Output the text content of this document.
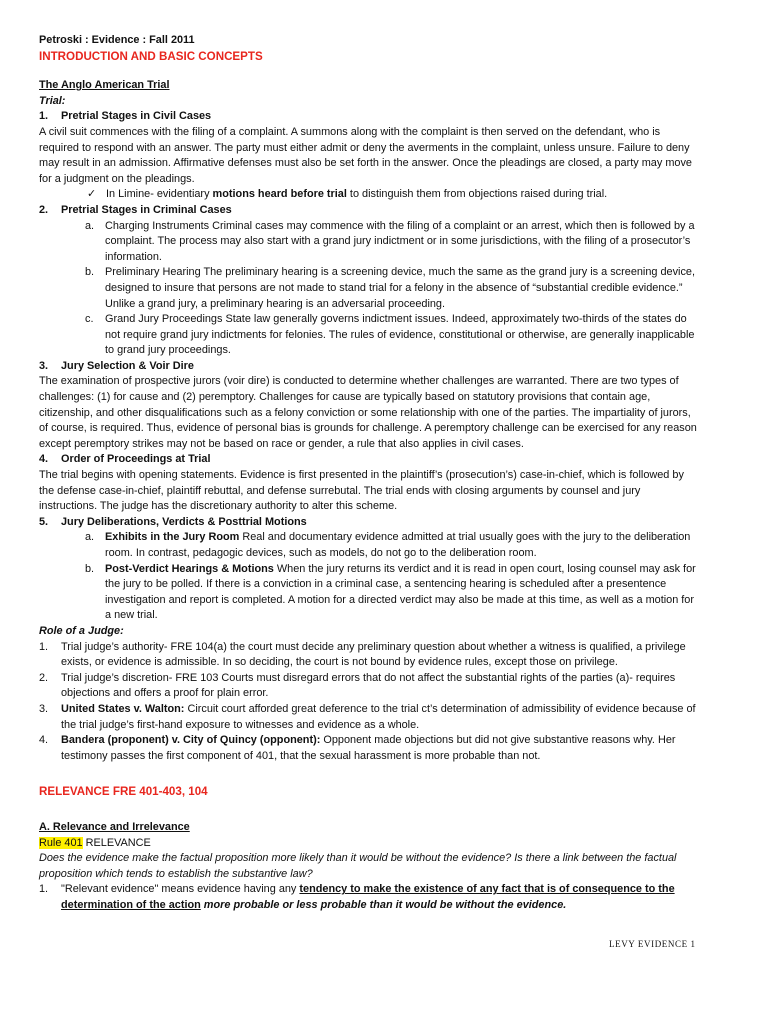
Petroski : Evidence : Fall 2011
INTRODUCTION AND BASIC CONCEPTS
The Anglo American Trial
Trial:
1. Pretrial Stages in Civil Cases

A civil suit commences with the filing of a complaint. A summons along with the complaint is then served on the defendant, who is required to respond with an answer. The party must either admit or deny the averments in the complaint, unless unsure. Failure to deny may result in an admission. Affirmative defenses must also be set forth in the answer. Once the pleadings are closed, a party may move for a judgment on the pleadings.

✓ In Limine- evidentiary motions heard before trial to distinguish them from objections raised during trial.
2. Pretrial Stages in Criminal Cases
a. Charging Instruments Criminal cases may commence with the filing of a complaint or an arrest, which then is followed by a complaint. The process may also start with a grand jury indictment or in some jurisdictions, with the filing of a prosecutor’s information.
b. Preliminary Hearing The preliminary hearing is a screening device, much the same as the grand jury is a screening device, designed to insure that persons are not made to stand trial for a felony in the absence of “substantial credible evidence.” Unlike a grand jury, a preliminary hearing is an adversarial proceeding.
c. Grand Jury Proceedings State law generally governs indictment issues. Indeed, approximately two-thirds of the states do not require grand jury indictments for felonies. The rules of evidence, constitutional or otherwise, are generally inapplicable to grand jury proceedings.
3. Jury Selection & Voir Dire

The examination of prospective jurors (voir dire) is conducted to determine whether challenges are warranted. There are two types of challenges: (1) for cause and (2) peremptory. Challenges for cause are typically based on statutory provisions that contain age, citizenship, and other disqualifications such as a felony conviction or some relationship with one of the parties. The impartiality of jurors, of course, is required. Thus, evidence of personal bias is grounds for challenge. A peremptory challenge can be exercised for any reason except peremptory strikes may not be based on race or gender, a rule that also applies in civil cases.

4. Order of Proceedings at Trial

The trial begins with opening statements. Evidence is first presented in the plaintiff’s (prosecution’s) case-in-chief, which is followed by the defense case-in-chief, plaintiff rebuttal, and defense surrebutal. The trial ends with closing arguments by counsel and jury instructions. The judge has the discretionary authority to alter this scheme.

5. Jury Deliberations, Verdicts & Posttrial Motions
a. Exhibits in the Jury Room Real and documentary evidence admitted at trial usually goes with the jury to the deliberation room. In contrast, pedagogic devices, such as models, do not go to the deliberation room.
b. Post-Verdict Hearings & Motions When the jury returns its verdict and it is read in open court, losing counsel may ask for the jury to be polled. If there is a conviction in a criminal case, a sentencing hearing is scheduled after a presentence investigation and report is completed. A motion for a directed verdict may also be made at this time, as well as a motion for a new trial.
Role of a Judge:
1. Trial judge’s authority- FRE 104(a) the court must decide any preliminary question about whether a witness is qualified, a privilege exists, or evidence is admissible. In so deciding, the court is not bound by evidence rules, except those on privilege.
2. Trial judge’s discretion- FRE 103 Courts must disregard errors that do not affect the substantial rights of the parties (a)- requires objections and offers a proof for plain error.
3. United States v. Walton: Circuit court afforded great deference to the trial ct’s determination of admissibility of evidence because of the trial judge’s first-hand exposure to witnesses and evidence as a whole.
4. Bandera (proponent) v. City of Quincy (opponent): Opponent made objections but did not give substantive reasons why. Her testimony passes the first component of 401, that the sexual harassment is more probable than not.
RELEVANCE FRE 401-403, 104
A. Relevance and Irrelevance
Rule 401 RELEVANCE

Does the evidence make the factual proposition more likely than it would be without the evidence? Is there a link between the factual proposition which tends to establish the substantive law?

1. "Relevant evidence" means evidence having any tendency to make the existence of any fact that is of consequence to the determination of the action more probable or less probable than it would be without the evidence.
LEVY EVIDENCE 1
